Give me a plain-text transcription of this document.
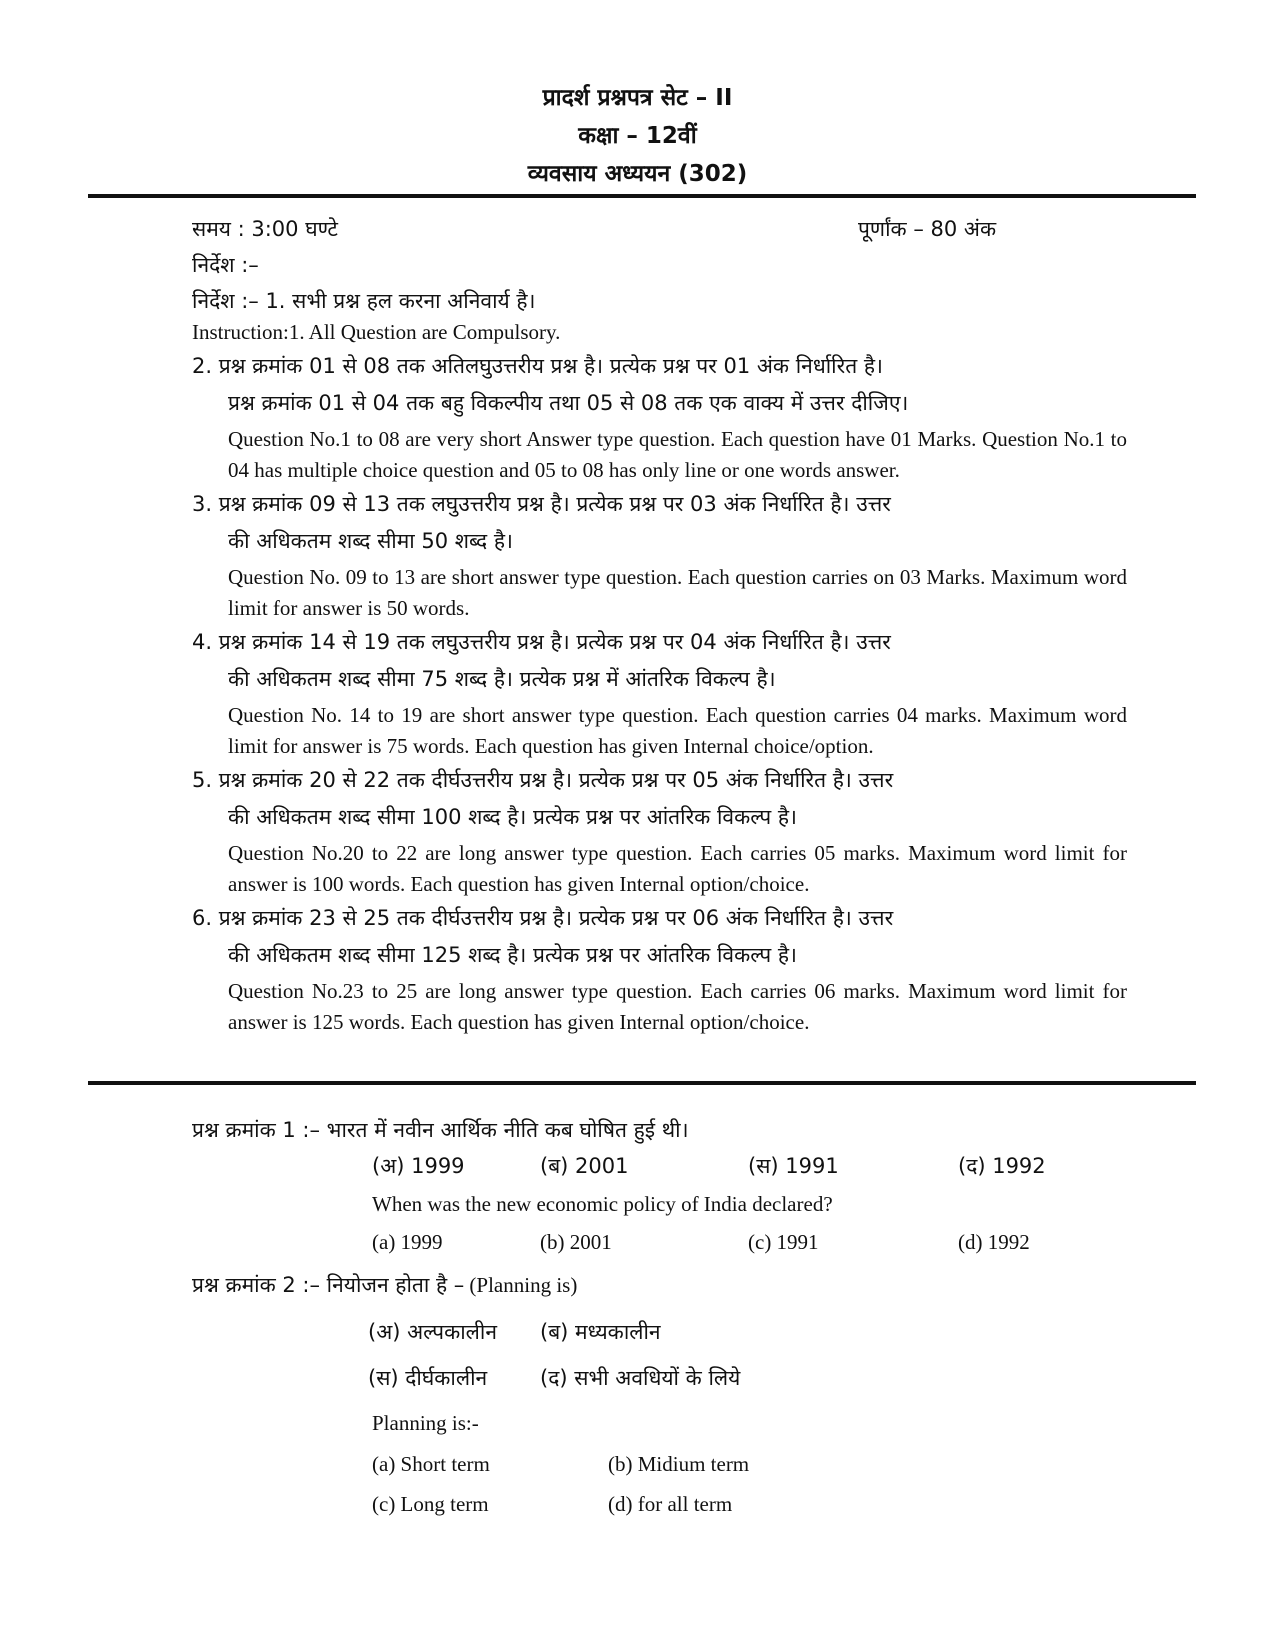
प्रादर्श प्रश्नपत्र सेट – II
कक्षा – 12वीं
व्यवसाय अध्ययन (302)
समय : 3:00 घण्टे	पूर्णांक – 80 अंक
निर्देश :–
निर्देश :– 1. सभी प्रश्न हल करना अनिवार्य है।
Instruction:1. All Question are Compulsory.
2. प्रश्न क्रमांक 01 से 08 तक अतिलघुउत्तरीय प्रश्न है। प्रत्येक प्रश्न पर 01 अंक निर्धारित है।
प्रश्न क्रमांक 01 से 04 तक बहु विकल्पीय तथा 05 से 08 तक एक वाक्य में उत्तर दीजिए।
Question No.1 to 08 are very short Answer type question. Each question have 01 Marks. Question No.1 to 04 has multiple choice question and 05 to 08 has only line or one words answer.
3. प्रश्न क्रमांक 09 से 13 तक लघुउत्तरीय प्रश्न है। प्रत्येक प्रश्न पर 03 अंक निर्धारित है। उत्तर
की अधिकतम शब्द सीमा 50 शब्द है।
Question No. 09 to 13 are short answer type question. Each question carries on 03 Marks. Maximum word limit for answer is 50 words.
4. प्रश्न क्रमांक 14 से 19 तक लघुउत्तरीय प्रश्न है। प्रत्येक प्रश्न पर 04 अंक निर्धारित है। उत्तर
की अधिकतम शब्द सीमा 75 शब्द है। प्रत्येक प्रश्न में आंतरिक विकल्प है।
Question No. 14 to 19 are short answer type question. Each question carries 04 marks. Maximum word limit for answer is 75 words. Each question has given Internal choice/option.
5. प्रश्न क्रमांक 20 से 22 तक दीर्घउत्तरीय प्रश्न है। प्रत्येक प्रश्न पर 05 अंक निर्धारित है। उत्तर
की अधिकतम शब्द सीमा 100 शब्द है। प्रत्येक प्रश्न पर आंतरिक विकल्प है।
Question No.20 to 22 are long answer type question. Each carries 05 marks. Maximum word limit for answer is 100 words. Each question has given Internal option/choice.
6. प्रश्न क्रमांक 23 से 25 तक दीर्घउत्तरीय प्रश्न है। प्रत्येक प्रश्न पर 06 अंक निर्धारित है। उत्तर
की अधिकतम शब्द सीमा 125 शब्द है। प्रत्येक प्रश्न पर आंतरिक विकल्प है।
Question No.23 to 25 are long answer type question. Each carries 06 marks. Maximum word limit for answer is 125 words. Each question has given Internal option/choice.
प्रश्न क्रमांक 1 :– भारत में नवीन आर्थिक नीति कब घोषित हुई थी।
(अ) 1999	(ब) 2001	(स) 1991	(द) 1992
When was the new economic policy of India declared?
(a) 1999	(b) 2001	(c) 1991	(d) 1992
प्रश्न क्रमांक 2 :– नियोजन होता है – (Planning is)
(अ) अल्पकालीन (ब) मध्यकालीन
(स) दीर्घकालीन	(द) सभी अवधियों के लिये
Planning is:-
(a) Short term	(b) Midium term
(c) Long term	(d) for all term
